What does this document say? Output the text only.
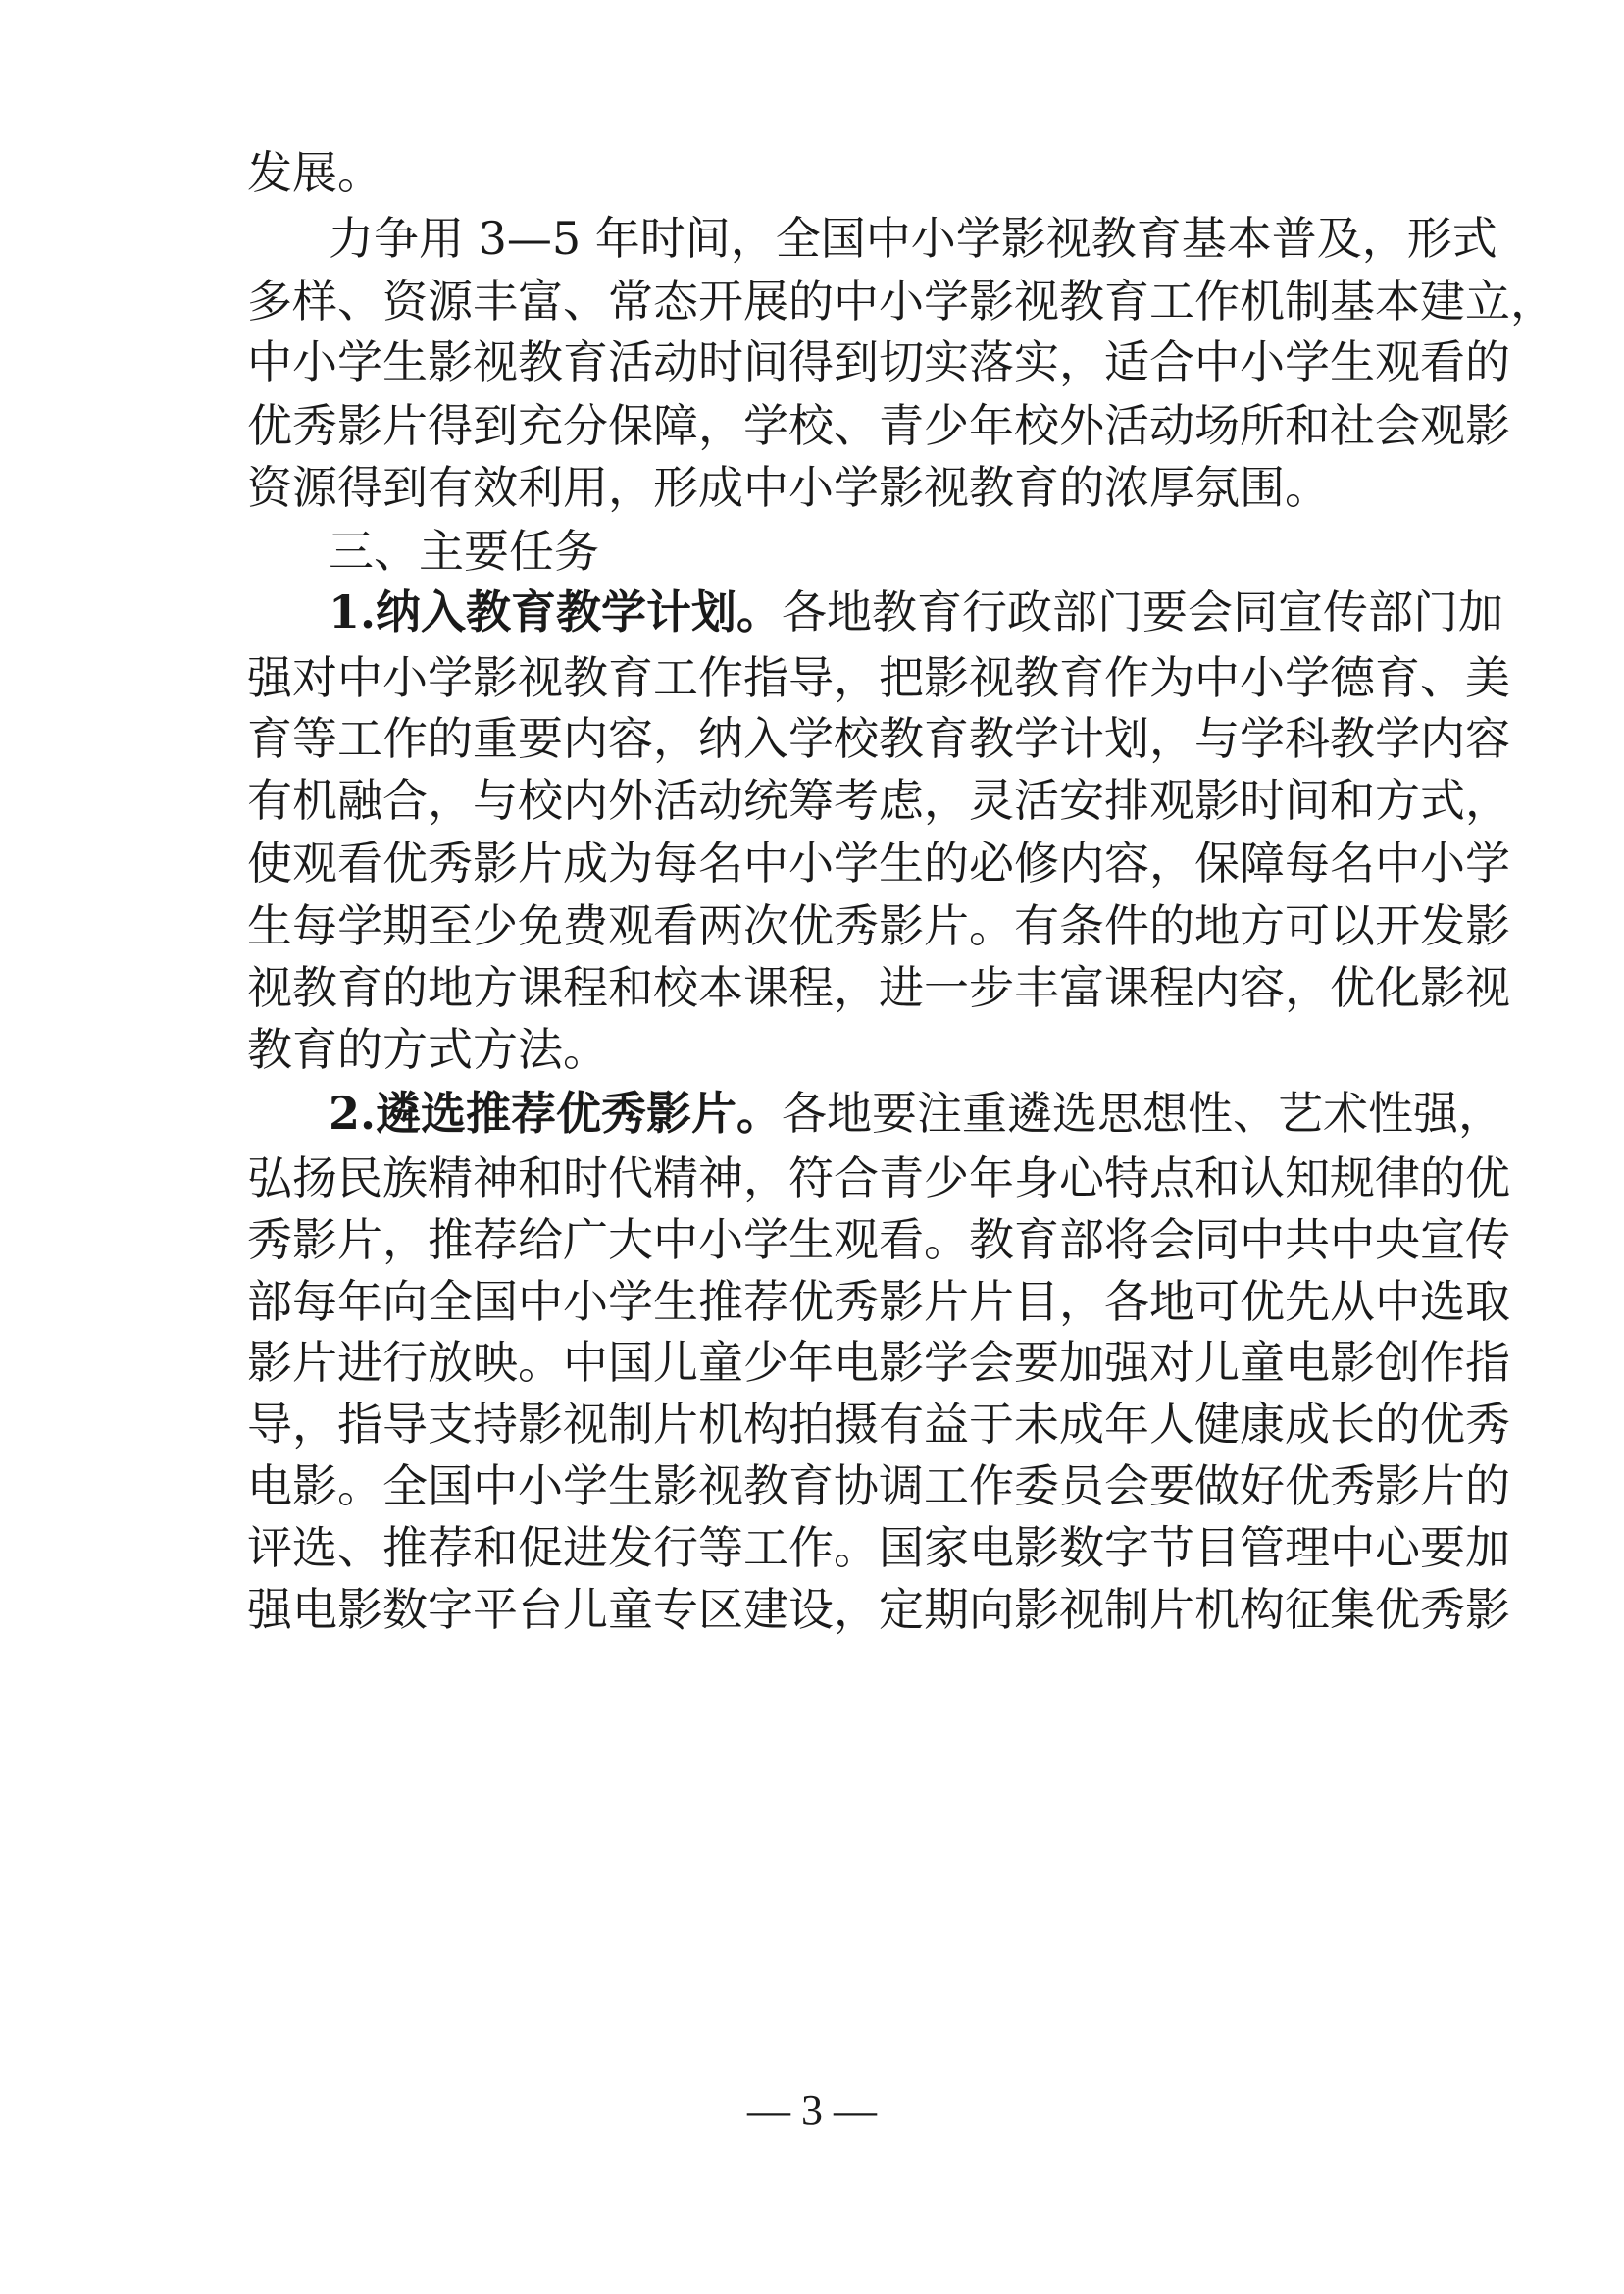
发展。
力争用 3—5 年时间，全国中小学影视教育基本普及，形式
多样、资源丰富、常态开展的中小学影视教育工作机制基本建立，
中小学生影视教育活动时间得到切实落实，适合中小学生观看的
优秀影片得到充分保障，学校、青少年校外活动场所和社会观影
资源得到有效利用，形成中小学影视教育的浓厚氛围。
三、主要任务
1.纳入教育教学计划。各地教育行政部门要会同宣传部门加
强对中小学影视教育工作指导，把影视教育作为中小学德育、美
育等工作的重要内容，纳入学校教育教学计划，与学科教学内容
有机融合，与校内外活动统筹考虑，灵活安排观影时间和方式，
使观看优秀影片成为每名中小学生的必修内容，保障每名中小学
生每学期至少免费观看两次优秀影片。有条件的地方可以开发影
视教育的地方课程和校本课程，进一步丰富课程内容，优化影视
教育的方式方法。
2.遴选推荐优秀影片。各地要注重遴选思想性、艺术性强，
弘扬民族精神和时代精神，符合青少年身心特点和认知规律的优
秀影片，推荐给广大中小学生观看。教育部将会同中共中央宣传
部每年向全国中小学生推荐优秀影片片目，各地可优先从中选取
影片进行放映。中国儿童少年电影学会要加强对儿童电影创作指
导，指导支持影视制片机构拍摄有益于未成年人健康成长的优秀
电影。全国中小学生影视教育协调工作委员会要做好优秀影片的
评选、推荐和促进发行等工作。国家电影数字节目管理中心要加
强电影数字平台儿童专区建设，定期向影视制片机构征集优秀影
— 3 —
